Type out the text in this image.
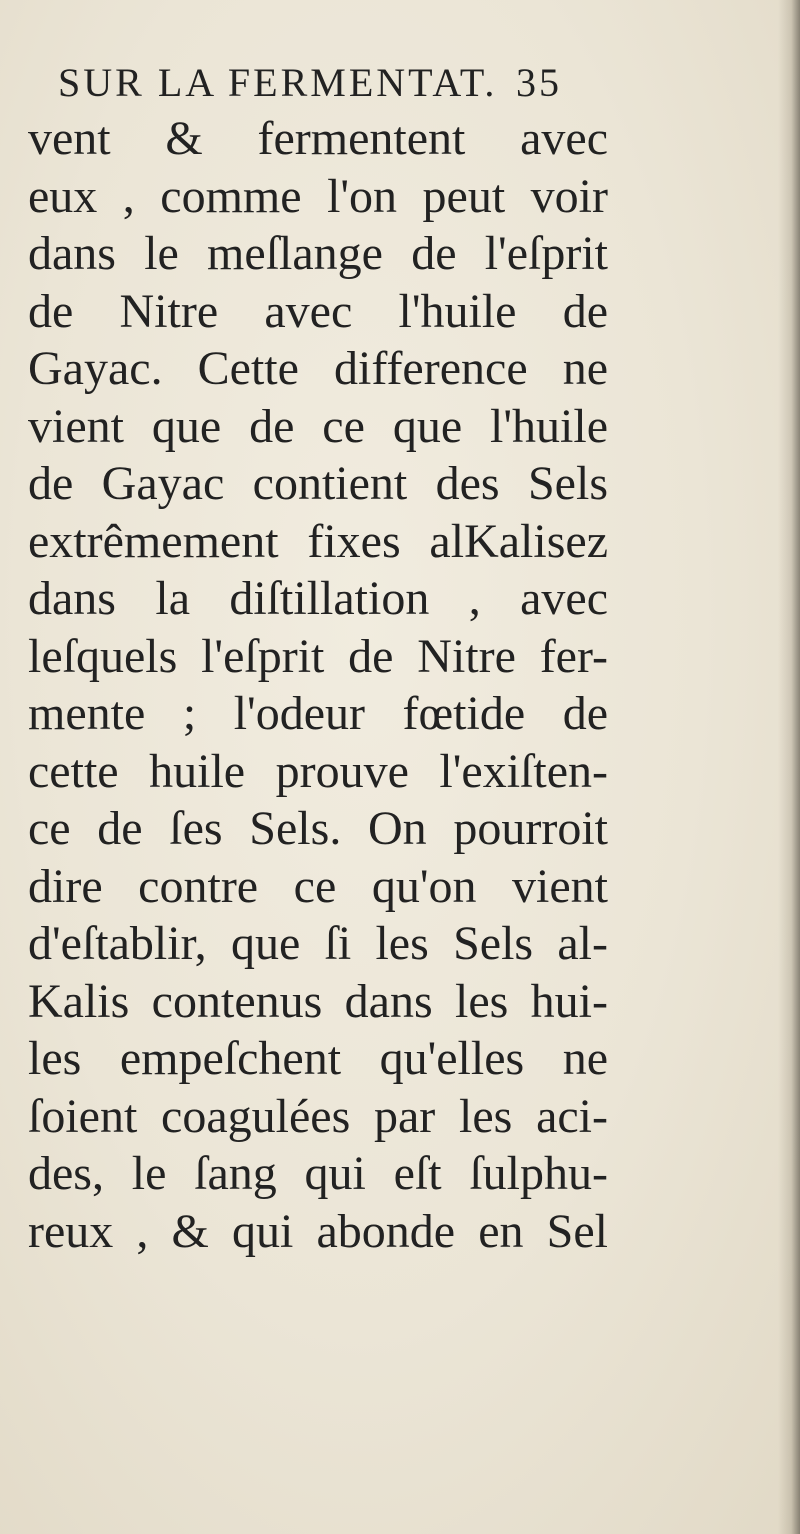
SUR LA FERMENTAT. 35
vent & fermentent avec
eux , comme l'on peut voir
dans le meſlange de l'eſprit
de Nitre avec l'huile de
Gayac. Cette difference ne
vient que de ce que l'huile
de Gayac contient des Sels
extrêmement fixes alKalisez
dans la diſtillation , avec
leſquels l'eſprit de Nitre fer-
mente ; l'odeur fœtide de
cette huile prouve l'exiſten-
ce de ſes Sels. On pourroit
dire contre ce qu'on vient
d'eſtablir, que ſi les Sels al-
Kalis contenus dans les hui-
les empeſchent qu'elles ne
ſoient coagulées par les aci-
des, le ſang qui eſt ſulphu-
reux , & qui abonde en Sel
